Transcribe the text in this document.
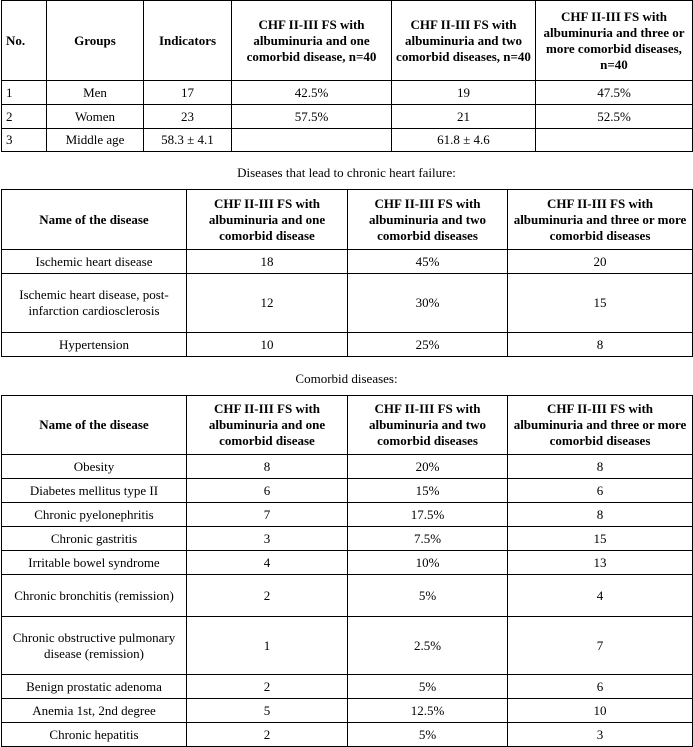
No.	Groups	Indicators	CHF II-III FS with albuminuria and one comorbid disease, n=40	CHF II-III FS with albuminuria and two comorbid diseases, n=40	CHF II-III FS with albuminuria and three or more comorbid diseases, n=40
1	Men	17	42.5%	19	47.5%
2	Women	23	57.5%	21	52.5%
3	Middle age	58.3 ± 4.1		61.8 ± 4.6	
Diseases that lead to chronic heart failure:
Name of the disease	CHF II-III FS with albuminuria and one comorbid disease	CHF II-III FS with albuminuria and two comorbid diseases	CHF II-III FS with albuminuria and three or more comorbid diseases
Ischemic heart disease	18	45%	20
Ischemic heart disease, post-infarction cardiosclerosis	12	30%	15
Hypertension	10	25%	8
Comorbid diseases:
Name of the disease	CHF II-III FS with albuminuria and one comorbid disease	CHF II-III FS with albuminuria and two comorbid diseases	CHF II-III FS with albuminuria and three or more comorbid diseases
Obesity	8	20%	8
Diabetes mellitus type II	6	15%	6
Chronic pyelonephritis	7	17.5%	8
Chronic gastritis	3	7.5%	15
Irritable bowel syndrome	4	10%	13
Chronic bronchitis (remission)	2	5%	4
Chronic obstructive pulmonary disease (remission)	1	2.5%	7
Benign prostatic adenoma	2	5%	6
Anemia 1st, 2nd degree	5	12.5%	10
Chronic hepatitis	2	5%	3
